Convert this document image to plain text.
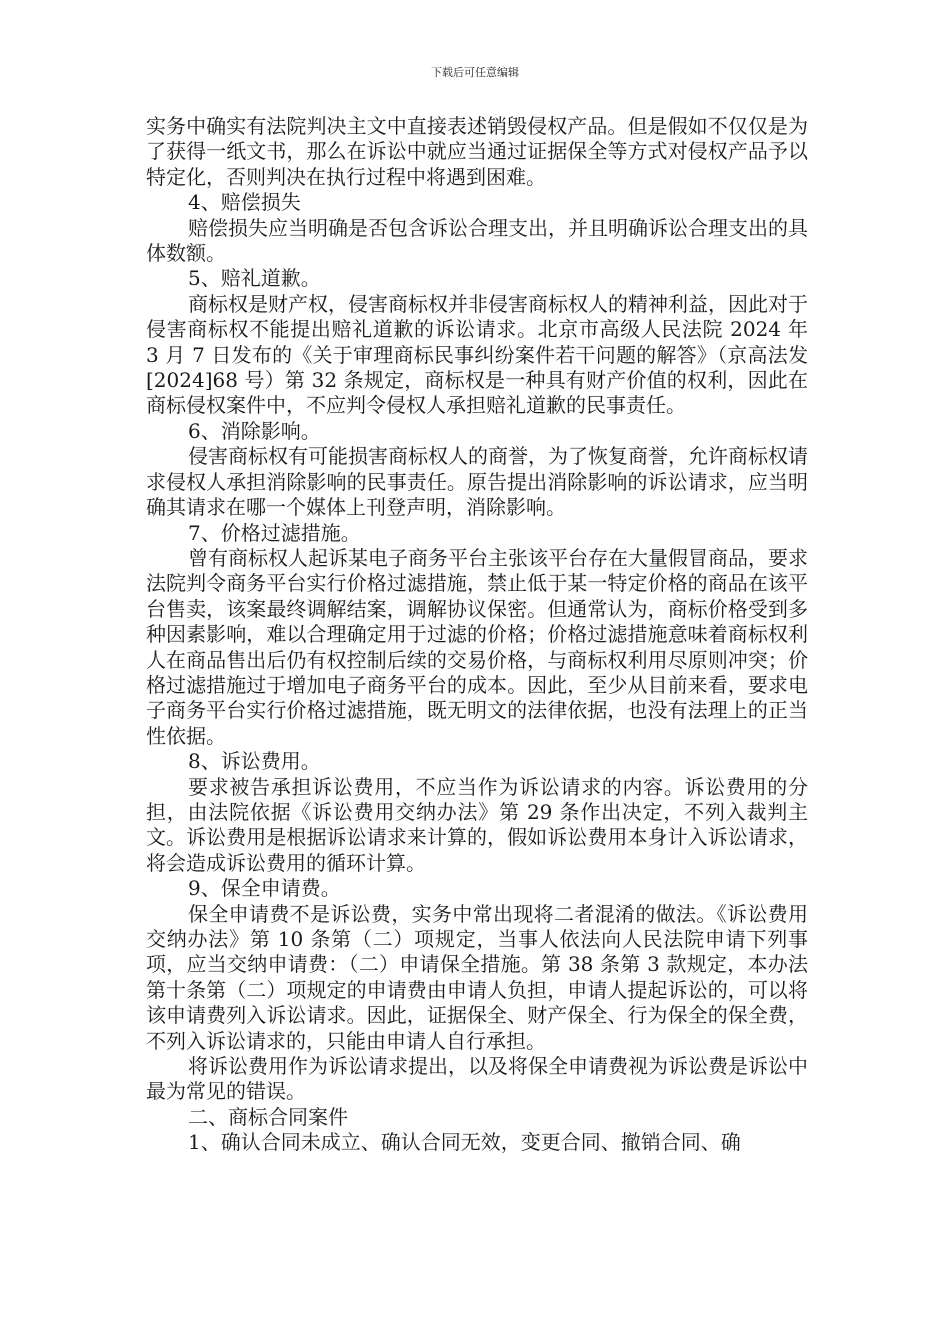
下载后可任意编辑

实务中确实有法院判决主文中直接表述销毁侵权产品。但是假如不仅仅是为了获得一纸文书，那么在诉讼中就应当通过证据保全等方式对侵权产品予以特定化，否则判决在执行过程中将遇到困难。

4、赔偿损失

赔偿损失应当明确是否包含诉讼合理支出，并且明确诉讼合理支出的具体数额。

5、赔礼道歉。

商标权是财产权，侵害商标权并非侵害商标权人的精神利益，因此对于侵害商标权不能提出赔礼道歉的诉讼请求。北京市高级人民法院 2024 年 3 月 7 日发布的《关于审理商标民事纠纷案件若干问题的解答》（京高法发[2024]68 号）第 32 条规定，商标权是一种具有财产价值的权利，因此在商标侵权案件中，不应判令侵权人承担赔礼道歉的民事责任。

6、消除影响。

侵害商标权有可能损害商标权人的商誉，为了恢复商誉，允许商标权请求侵权人承担消除影响的民事责任。原告提出消除影响的诉讼请求，应当明确其请求在哪一个媒体上刊登声明，消除影响。

7、价格过滤措施。

曾有商标权人起诉某电子商务平台主张该平台存在大量假冒商品，要求法院判令商务平台实行价格过滤措施，禁止低于某一特定价格的商品在该平台售卖，该案最终调解结案，调解协议保密。但通常认为，商标价格受到多种因素影响，难以合理确定用于过滤的价格；价格过滤措施意味着商标权利人在商品售出后仍有权控制后续的交易价格，与商标权利用尽原则冲突；价格过滤措施过于增加电子商务平台的成本。因此，至少从目前来看，要求电子商务平台实行价格过滤措施，既无明文的法律依据，也没有法理上的正当性依据。

8、诉讼费用。

要求被告承担诉讼费用，不应当作为诉讼请求的内容。诉讼费用的分担，由法院依据《诉讼费用交纳办法》第 29 条作出决定，不列入裁判主文。诉讼费用是根据诉讼请求来计算的，假如诉讼费用本身计入诉讼请求，将会造成诉讼费用的循环计算。

9、保全申请费。

保全申请费不是诉讼费，实务中常出现将二者混淆的做法。《诉讼费用交纳办法》第 10 条第（二）项规定，当事人依法向人民法院申请下列事项，应当交纳申请费：（二）申请保全措施。第 38 条第 3 款规定，本办法第十条第（二）项规定的申请费由申请人负担，申请人提起诉讼的，可以将该申请费列入诉讼请求。因此，证据保全、财产保全、行为保全的保全费，不列入诉讼请求的，只能由申请人自行承担。

将诉讼费用作为诉讼请求提出，以及将保全申请费视为诉讼费是诉讼中最为常见的错误。

二、商标合同案件

1、确认合同未成立、确认合同无效，变更合同、撤销合同、确
